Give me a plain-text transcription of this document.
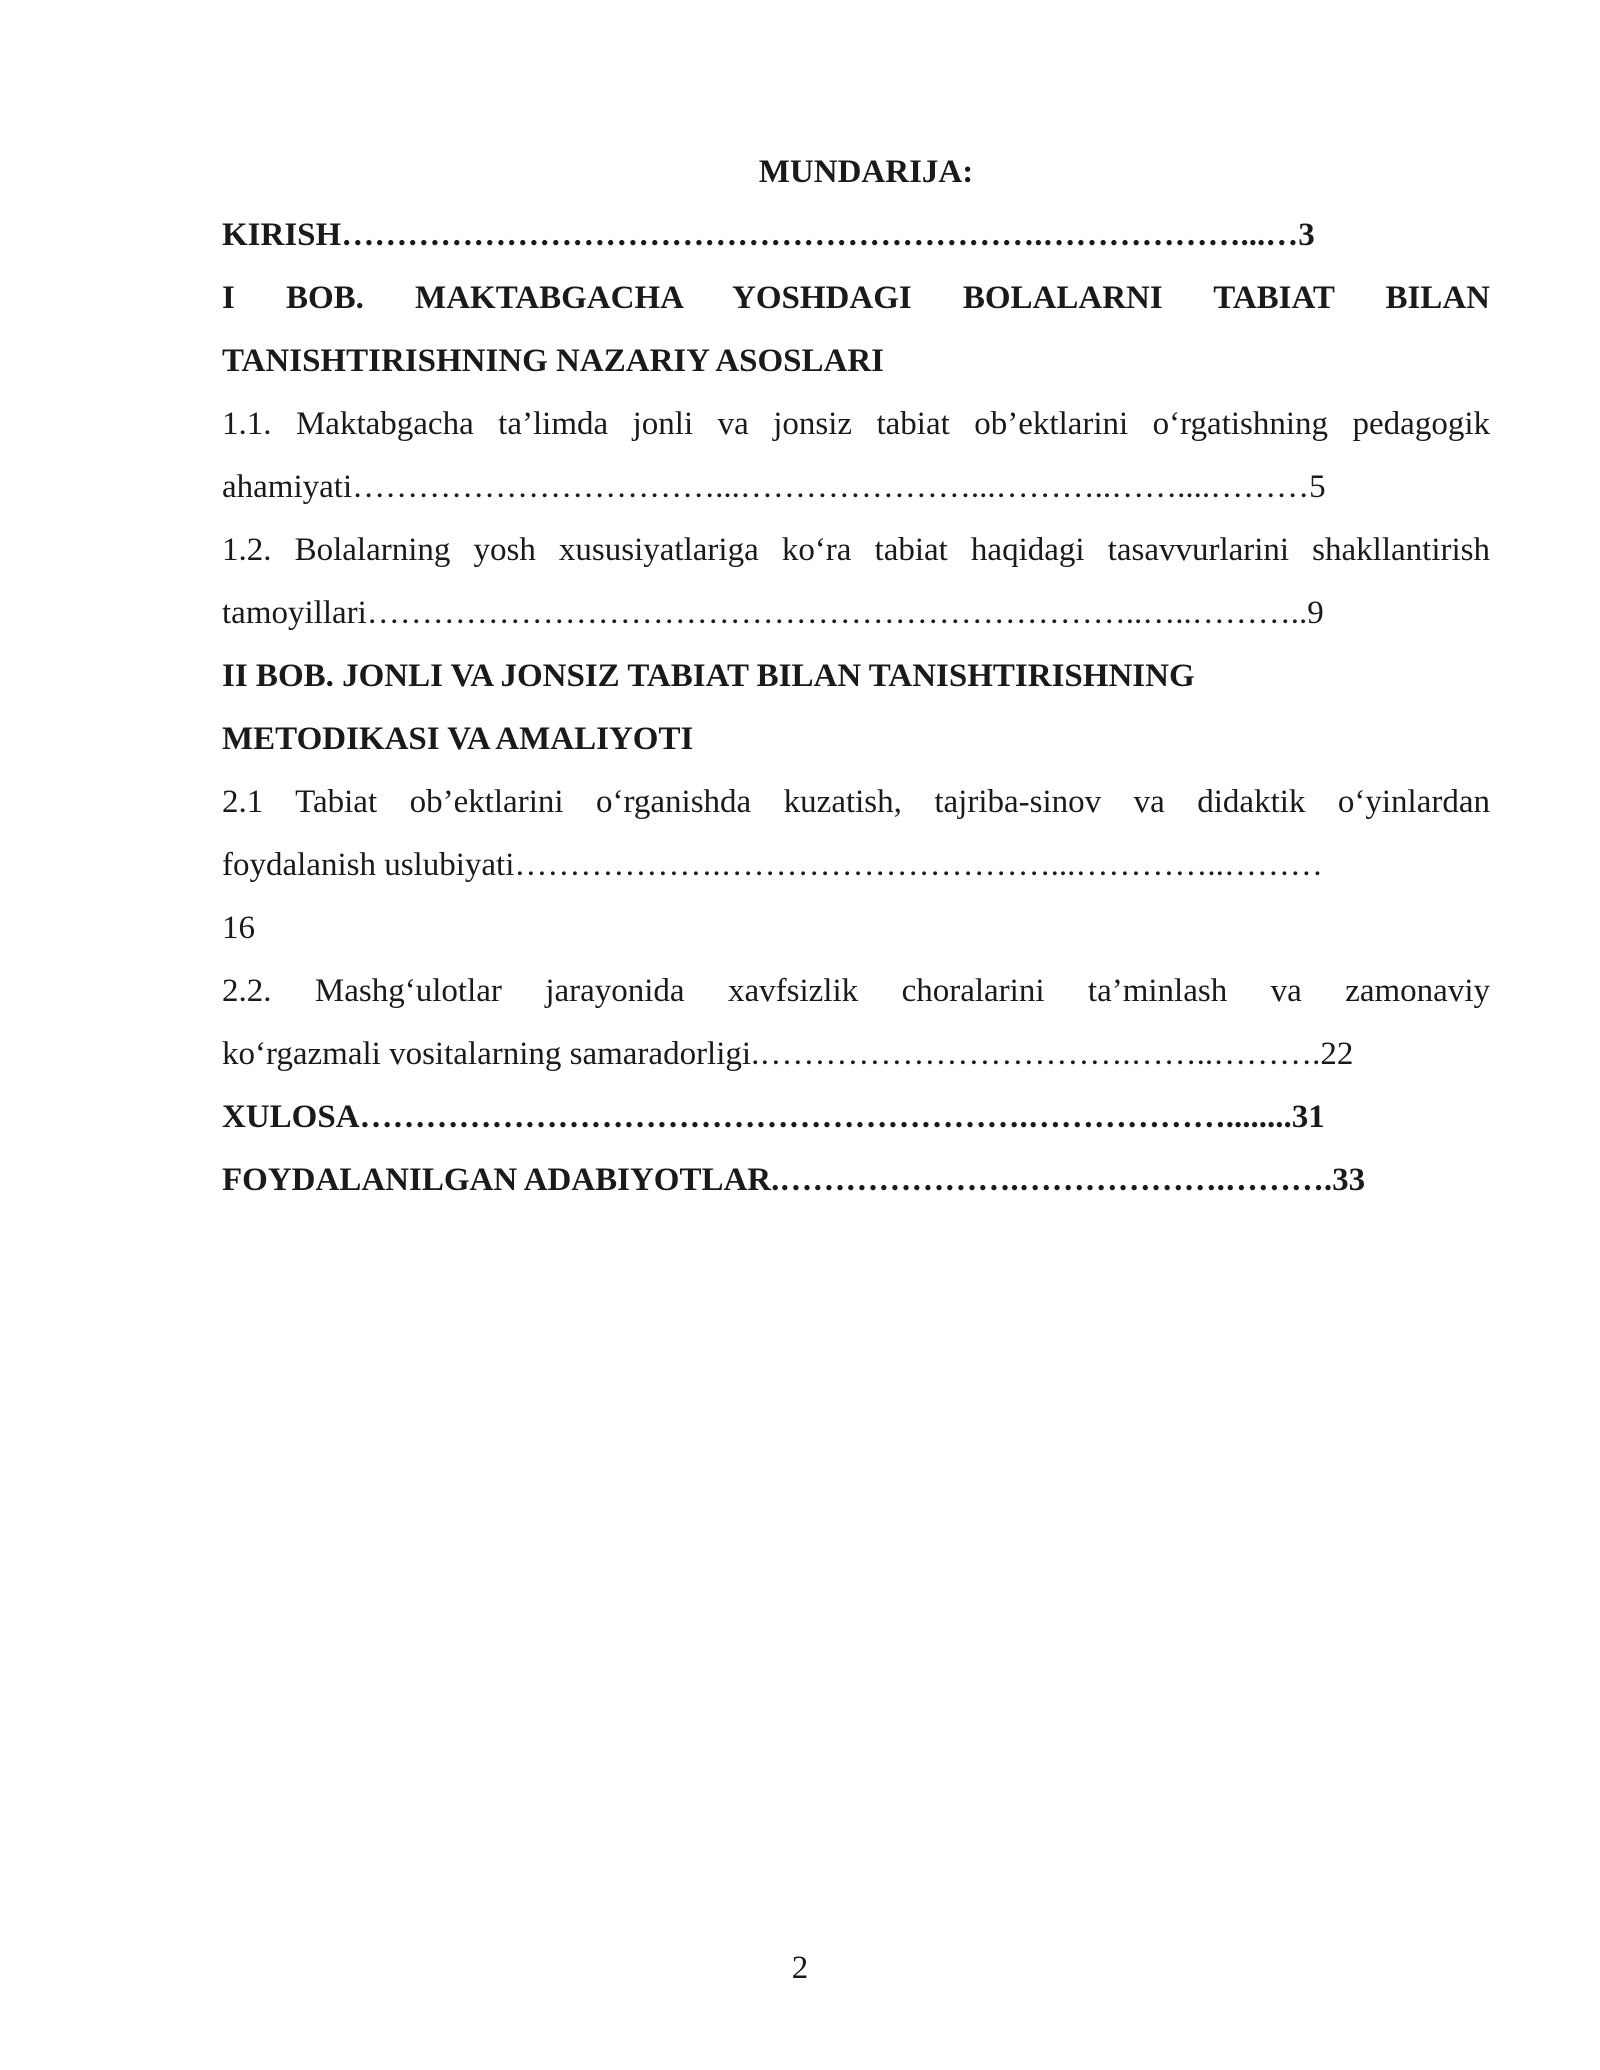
MUNDARIJA:
KIRISH……………………………………………………….………………...…3
I BOB. MAKTABGACHA YOSHDAGI BOLALARNI TABIAT BILAN
TANISHTIRISHNING NAZARIY ASOSLARI
1.1. Maktabgacha ta’limda jonli va jonsiz tabiat ob’ektlarini o‘rgatishning pedagogik
ahamiyati……………………………...…………………...………..……....………5
1.2. Bolalarning yosh xususiyatlariga ko‘ra tabiat haqidagi tasavvurlarini shakllantirish
tamoyillari……………………………………………………………..…..………..9
II BOB. JONLI VA JONSIZ TABIAT BILAN TANISHTIRISHNING
METODIKASI VA AMALIYOTI
2.1 Tabiat ob’ektlarini o‘rganishda kuzatish, tajriba-sinov va didaktik o‘yinlardan
foydalanish uslubiyati……………….…………………………...…………..………
16
2.2. Mashg‘ulotlar jarayonida xavfsizlik choralarini ta’minlash va zamonaviy
ko‘rgazmali vositalarning samaradorligi.…………………………….……..……….22
XULOSA…………………………………………………….………………........31
FOYDALANILGAN ADABIYOTLAR.………………….……………….……….33
2
